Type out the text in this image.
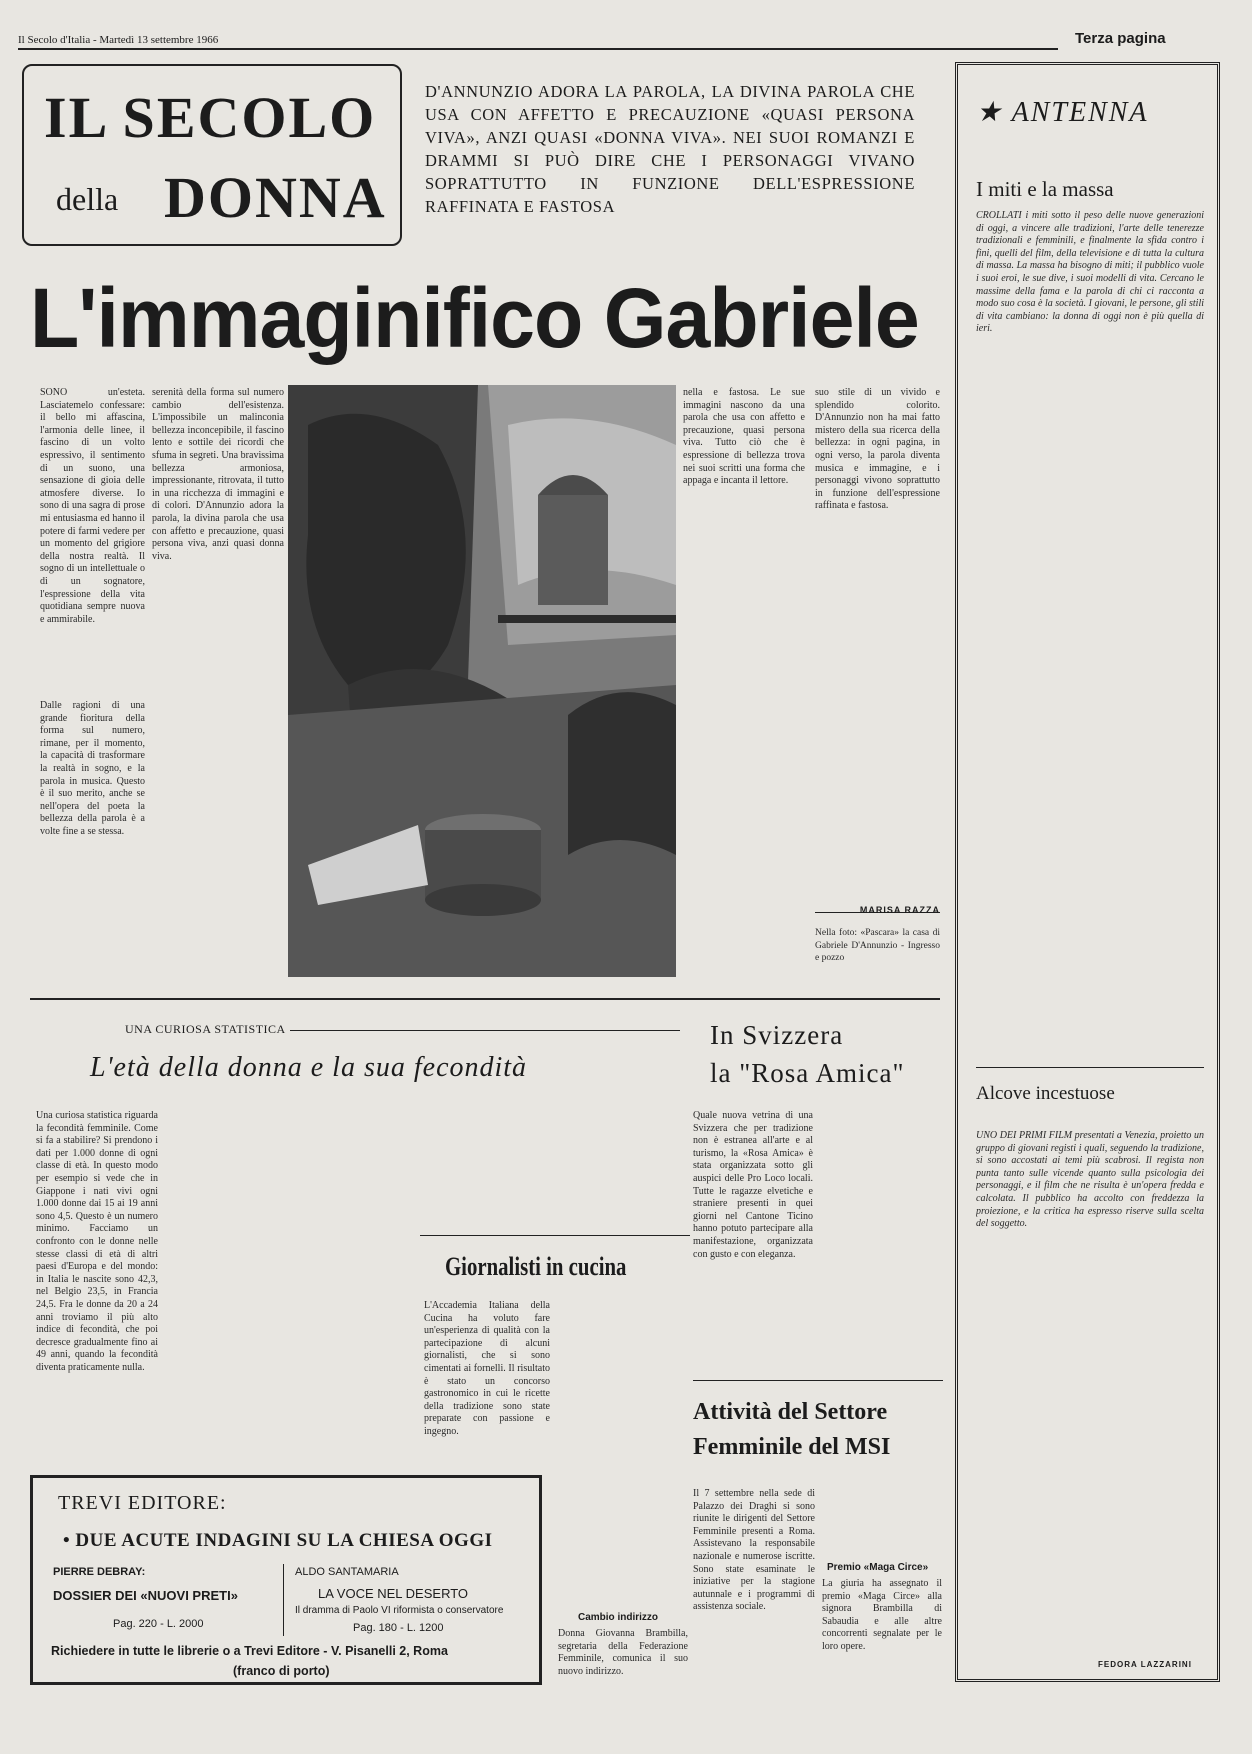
Il Secolo d'Italia - Martedì 13 settembre 1966	Terza pagina
IL SECOLO
della DONNA
D'ANNUNZIO ADORA LA PAROLA, LA DIVINA PAROLA CHE USA CON AFFETTO E PRECAUZIONE «QUASI PERSONA VIVA», ANZI QUASI «DONNA VIVA». NEI SUOI ROMANZI E DRAMMI SI PUÒ DIRE CHE I PERSONAGGI VIVANO SOPRATTUTTO IN FUNZIONE DELL'ESPRESSIONE RAFFINATA E FASTOSA
L'immaginifico Gabriele
SONO un'esteta. Lasciatemelo confessare: il bello mi affascina, l'armonia delle linee, il fascino di un volto espressivo, il sentimento di un suono, una sensazione di gioia delle atmosfere diverse. Io sono di una sagra di prose mi entusiasma ed hanno il potere di farmi vedere per un momento del grigiore della nostra realtà. Il sogno di un intellettuale o di un sognatore, l'espressione della vita quotidiana sempre nuova e ammirabile.
Dalle ragioni di una grande fioritura della forma sul numero, rimane, per il momento, la capacità di trasformare la realtà in sogno, e la parola in musica. Questo è il suo merito, anche se nell'opera del poeta la bellezza della parola è a volte fine a se stessa.
serenità della forma sul numero cambio dell'esistenza. L'impossibile un malinconia bellezza inconcepibile, il fascino lento e sottile dei ricordi che sfuma in segreti. Una bravissima bellezza armoniosa, impressionante, ritrovata, il tutto in una ricchezza di immagini e di colori. D'Annunzio adora la parola, la divina parola che usa con affetto e precauzione, quasi persona viva, anzi quasi donna viva.
nella e fastosa. Le sue immagini nascono da una parola che usa con affetto e precauzione, quasi persona viva. Tutto ciò che è espressione di bellezza trova nei suoi scritti una forma che appaga e incanta il lettore.
suo stile di un vivido e splendido colorito. D'Annunzio non ha mai fatto mistero della sua ricerca della bellezza: in ogni pagina, in ogni verso, la parola diventa musica e immagine, e i personaggi vivono soprattutto in funzione dell'espressione raffinata e fastosa.
MARISA RAZZA
Nella foto: «Pascara» la casa di Gabriele D'Annunzio - Ingresso e pozzo
★ ANTENNA
I miti e la massa
CROLLATI i miti sotto il peso delle nuove generazioni di oggi, a vincere alle tradizioni, l'arte delle tenerezze tradizionali e femminili, e finalmente la sfida contro i fini, quelli del film, della televisione e di tutta la cultura di massa. La massa ha bisogno di miti; il pubblico vuole i suoi eroi, le sue dive, i suoi modelli di vita. Cercano le massime della fama e la parola di chi ci racconta a modo suo cosa è la società. I giovani, le persone, gli stili di vita cambiano: la donna di oggi non è più quella di ieri.
Alcove incestuose
UNO DEI PRIMI FILM presentati a Venezia, proietto un gruppo di giovani registi i quali, seguendo la tradizione, si sono accostati ai temi più scabrosi. Il regista non punta tanto sulle vicende quanto sulla psicologia dei personaggi, e il film che ne risulta è un'opera fredda e calcolata. Il pubblico ha accolto con freddezza la proiezione, e la critica ha espresso riserve sulla scelta del soggetto.
FEDORA LAZZARINI
UNA CURIOSA STATISTICA
L'età della donna e la sua fecondità
Una curiosa statistica riguarda la fecondità femminile. Come si fa a stabilire? Si prendono i dati per 1.000 donne di ogni classe di età. In questo modo per esempio si vede che in Giappone i nati vivi ogni 1.000 donne dai 15 ai 19 anni sono 4,5. Questo è un numero minimo. Facciamo un confronto con le donne nelle stesse classi di età di altri paesi d'Europa e del mondo: in Italia le nascite sono 42,3, nel Belgio 23,5, in Francia 24,5. Fra le donne da 20 a 24 anni troviamo il più alto indice di fecondità, che poi decresce gradualmente fino ai 49 anni, quando la fecondità diventa praticamente nulla.
In Svizzera
la "Rosa Amica"
Quale nuova vetrina di una Svizzera che per tradizione non è estranea all'arte e al turismo, la «Rosa Amica» è stata organizzata sotto gli auspici delle Pro Loco locali. Tutte le ragazze elvetiche e straniere presenti in quei giorni nel Cantone Ticino hanno potuto partecipare alla manifestazione, organizzata con gusto e con eleganza.
Giornalisti in cucina
L'Accademia Italiana della Cucina ha voluto fare un'esperienza di qualità con la partecipazione di alcuni giornalisti, che si sono cimentati ai fornelli. Il risultato è stato un concorso gastronomico in cui le ricette della tradizione sono state preparate con passione e ingegno.
Cambio indirizzo
Donna Giovanna Brambilla, segretaria della Federazione Femminile, comunica il suo nuovo indirizzo.
Attività del Settore Femminile del MSI
Il 7 settembre nella sede di Palazzo dei Draghi si sono riunite le dirigenti del Settore Femminile presenti a Roma. Assistevano la responsabile nazionale e numerose iscritte. Sono state esaminate le iniziative per la stagione autunnale e i programmi di assistenza sociale.
Premio «Maga Circe»
La giuria ha assegnato il premio «Maga Circe» alla signora Brambilla di Sabaudia e alle altre concorrenti segnalate per le loro opere.
TREVI EDITORE:
• DUE ACUTE INDAGINI SU LA CHIESA OGGI
PIERRE DEBRAY:
DOSSIER DEI «NUOVI PRETI»
Pag. 220 - L. 2000
ALDO SANTAMARIA
LA VOCE NEL DESERTO
Il dramma di Paolo VI riformista o conservatore
Pag. 180 - L. 1200
Richiedere in tutte le librerie o a Trevi Editore - V. Pisanelli 2, Roma
(franco di porto)
